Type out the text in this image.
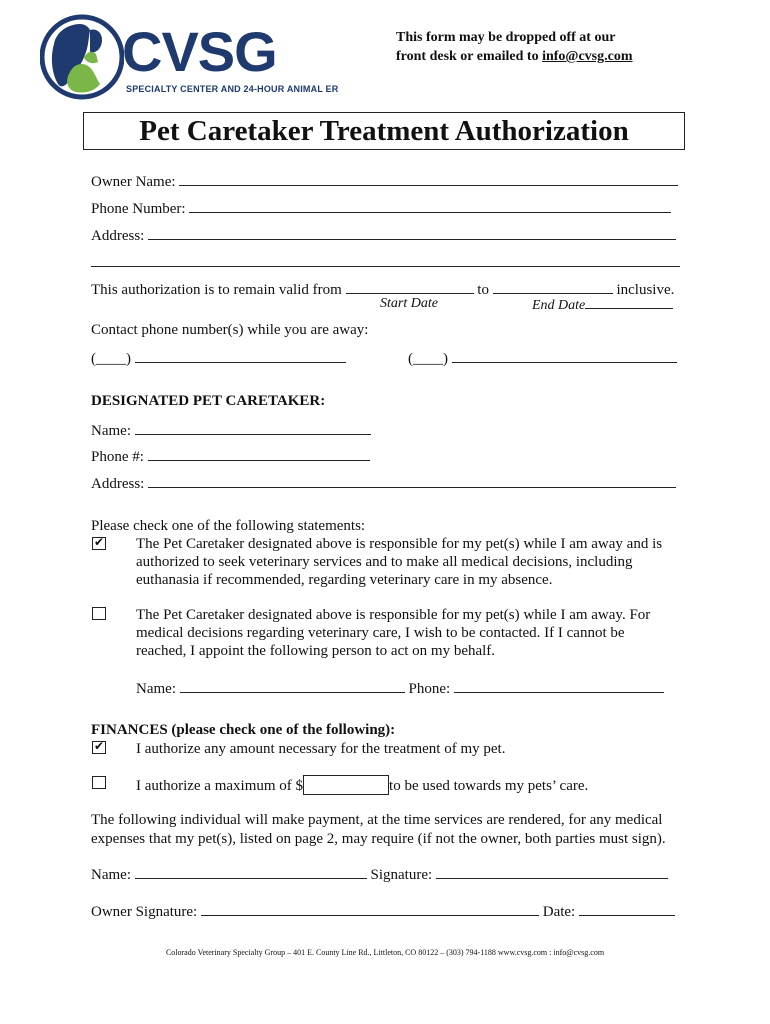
CVSG
SPECIALTY CENTER AND 24-HOUR ANIMAL ER
This form may be dropped off at our
front desk or emailed to info@cvsg.com
Pet Caretaker Treatment Authorization
Owner Name:
Phone Number:
Address:
This authorization is to remain valid from	to	inclusive.
Start Date	End Date
Contact phone number(s) while you are away:
(____)	(____)
DESIGNATED PET CARETAKER:
Name:
Phone #:
Address:
Please check one of the following statements:
✔ The Pet Caretaker designated above is responsible for my pet(s) while I am away and is
authorized to seek veterinary services and to make all medical decisions, including
euthanasia if recommended, regarding veterinary care in my absence.
The Pet Caretaker designated above is responsible for my pet(s) while I am away. For
medical decisions regarding veterinary care, I wish to be contacted. If I cannot be
reached, I appoint the following person to act on my behalf.
Name:	Phone:
FINANCES (please check one of the following):
✔ I authorize any amount necessary for the treatment of my pet.
I authorize a maximum of $	to be used towards my pets’ care.
The following individual will make payment, at the time services are rendered, for any medical
expenses that my pet(s), listed on page 2, may require (if not the owner, both parties must sign).
Name:	Signature:
Owner Signature:	Date:
Colorado Veterinary Specialty Group – 401 E. County Line Rd., Littleton, CO 80122 – (303) 794-1188 www.cvsg.com : info@cvsg.com
